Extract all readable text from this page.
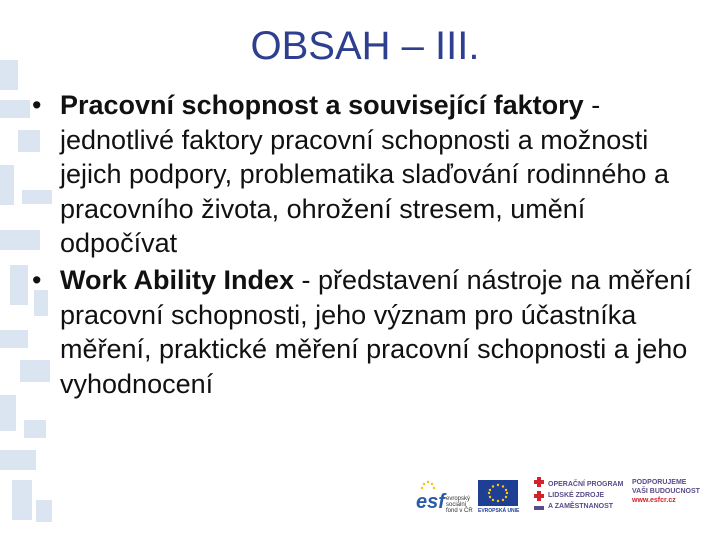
OBSAH – III.
• Pracovní schopnost a související faktory - jednotlivé faktory pracovní schopnosti a možnosti jejich podpory, problematika slaďování rodinného a pracovního života, ohrožení stresem, umění odpočívat
• Work Ability Index - představení nástroje na měření pracovní schopnosti, jeho význam pro účastníka měření, praktické měření pracovní schopnosti a jeho vyhodnocení
esf evropský
sociální
fond v ČR EVROPSKÁ UNIE
OPERAČNÍ PROGRAM
LIDSKÉ ZDROJE
A ZAMĚSTNANOST
PODPORUJEME
VAŠI BUDOUCNOST
www.esfcr.cz
